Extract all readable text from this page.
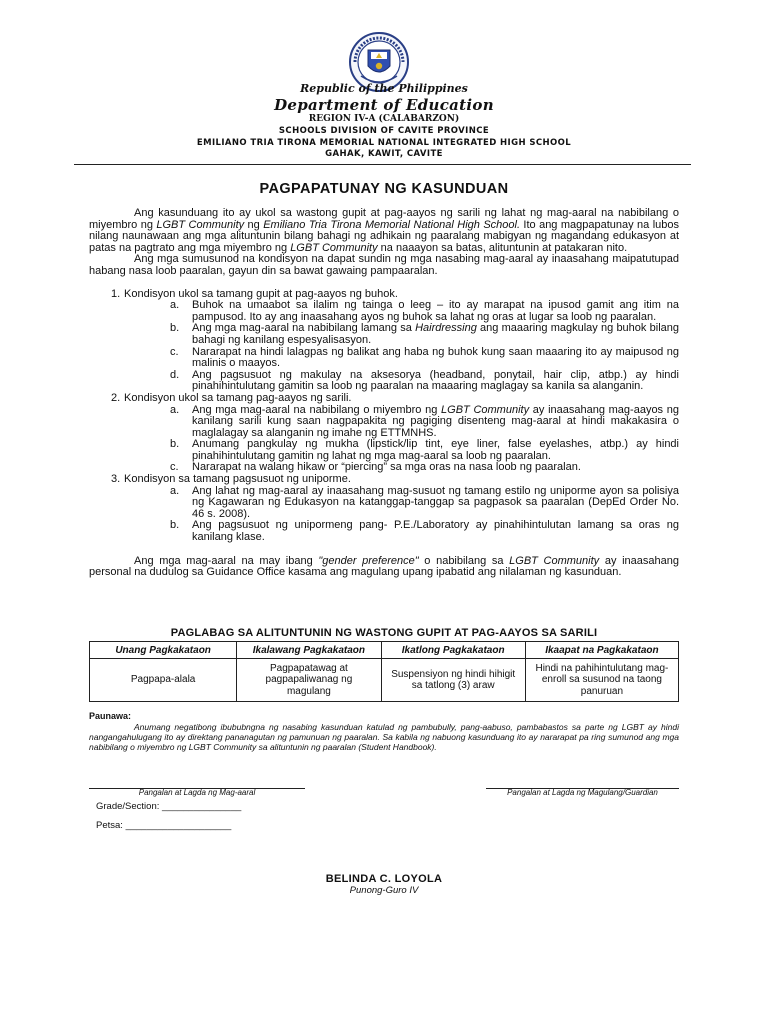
Republic of the Philippines
Department of Education
REGION IV-A (CALABARZON)
SCHOOLS DIVISION OF CAVITE PROVINCE
EMILIANO TRIA TIRONA MEMORIAL NATIONAL INTEGRATED HIGH SCHOOL
GAHAK, KAWIT, CAVITE
PAGPAPATUNAY NG KASUNDUAN

Ang kasunduang ito ay ukol sa wastong gupit at pag-aayos ng sarili ng lahat ng mag-aaral na nabibilang o miyembro ng LGBT Community ng Emiliano Tria Tirona Memorial National High School. Ito ang magpapatunay na lubos nilang naunawaan ang mga alituntunin bilang bahagi ng adhikain ng paaralang mabigyan ng magandang edukasyon at patas na pagtrato ang mga miyembro ng LGBT Community na naaayon sa batas, alituntunin at patakaran nito.

Ang mga sumusunod na kondisyon na dapat sundin ng mga nasabing mag-aaral ay inaasahang maipatutupad habang nasa loob paaralan, gayun din sa bawat gawaing pampaaralan.

1. Kondisyon ukol sa tamang gupit at pag-aayos ng buhok.
a. Buhok na umaabot sa ilalim ng tainga o leeg – ito ay marapat na ipusod gamit ang itim na pampusod. Ito ay ang inaasahang ayos ng buhok sa lahat ng oras at lugar sa loob ng paaralan.
b. Ang mga mag-aaral na nabibilang lamang sa Hairdressing ang maaaring magkulay ng buhok bilang bahagi ng kanilang espesyalisasyon.
c. Nararapat na hindi lalagpas ng balikat ang haba ng buhok kung saan maaaring ito ay maipusod ng malinis o maayos.
d. Ang pagsusuot ng makulay na aksesorya (headband, ponytail, hair clip, atbp.) ay hindi pinahihintulutang gamitin sa loob ng paaralan na maaaring maglagay sa kanila sa alanganin.
2. Kondisyon ukol sa tamang pag-aayos ng sarili.
a. Ang mga mag-aaral na nabibilang o miyembro ng LGBT Community ay inaasahang mag-aayos ng kanilang sarili kung saan nagpapakita ng pagiging disenteng mag-aaral at hindi makakasira o maglalagay sa alanganin ng imahe ng ETTMNHS.
b. Anumang pangkulay ng mukha (lipstick/lip tint, eye liner, false eyelashes, atbp.) ay hindi pinahihintulutang gamitin ng lahat ng mga mag-aaral sa loob ng paaralan.
c. Nararapat na walang hikaw or “piercing” sa mga oras na nasa loob ng paaralan.
3. Kondisyon sa tamang pagsusuot ng uniporme.
a. Ang lahat ng mag-aaral ay inaasahang mag-susuot ng tamang estilo ng uniporme ayon sa polisiya ng Kagawaran ng Edukasyon na katanggap-tanggap sa pagpasok sa paaralan (DepEd Order No. 46 s. 2008).
b. Ang pagsusuot ng unipormeng pang- P.E./Laboratory ay pinahihintulutan lamang sa oras ng kanilang klase.

Ang mga mag-aaral na may ibang "gender preference" o nabibilang sa LGBT Community ay inaasahang personal na dudulog sa Guidance Office kasama ang magulang upang ipabatid ang nilalaman ng kasunduan.

PAGLABAG SA ALITUNTUNIN NG WASTONG GUPIT AT PAG-AAYOS SA SARILI
Unang Pagkakataon	Ikalawang Pagkakataon	Ikatlong Pagkakataon	Ikaapat na Pagkakataon
Pagpapa-alala	Pagpapatawag at pagpapaliwanag ng magulang	Suspensiyon ng hindi hihigit sa tatlong (3) araw	Hindi na pahihintulutang mag-enroll sa susunod na taong panuruan
Paunawa:
Anumang negatibong ibububngna ng nasabing kasunduan katulad ng pambubully, pang-aabuso, pambabastos sa parte ng LGBT ay hindi nangangahulugang ito ay direktang pananagutan ng pamunuan ng paaralan. Sa kabila ng nabuong kasunduang ito ay nararapat pa ring sumunod ang mga nabibilang o miyembro ng LGBT Community sa alituntunin ng paaralan (Student Handbook).
Pangalan at Lagda ng Mag-aaral	Pangalan at Lagda ng Magulang/Guardian
Grade/Section: _______________
Petsa: ____________________
BELINDA C. LOYOLA
Punong-Guro IV
